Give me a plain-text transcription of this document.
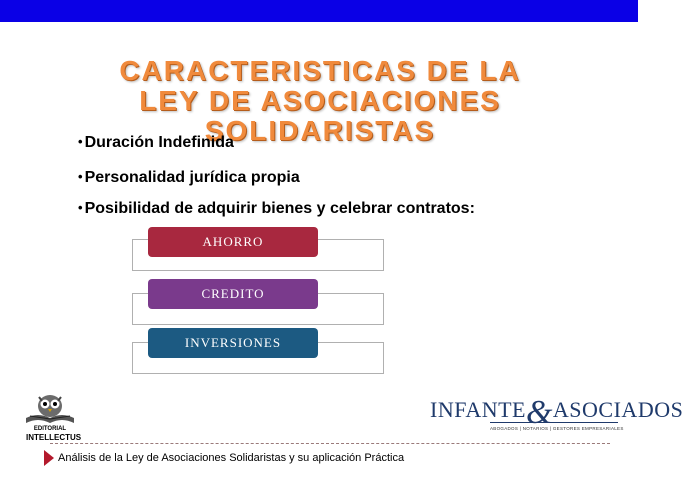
CARACTERISTICAS DE LA
LEY DE ASOCIACIONES
SOLIDARISTAS
• Duración Indefinida
• Personalidad jurídica propia
• Posibilidad de adquirir bienes y celebrar contratos:
AHORRO
CREDITO
INVERSIONES
EDITORIAL
INTELLECTUS
INFANTE&ASOCIADOS
ABOGADOS | NOTARIOS | GESTORES EMPRESARIALES
Análisis de la Ley de Asociaciones Solidaristas y su aplicación Práctica
